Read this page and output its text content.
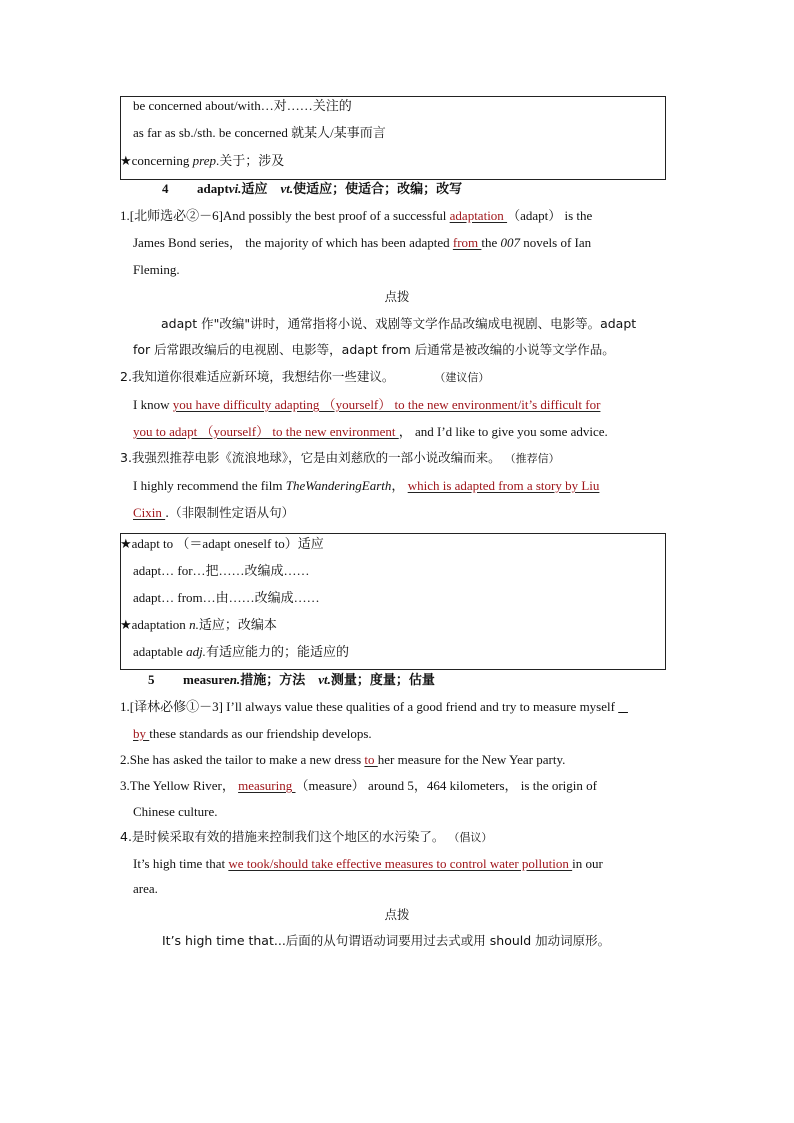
be concerned about/with…对……关注的
as far as sb./sth. be concerned 就某人/某事而言
★concerning prep.关于；涉及
4 adaptvi.适应　vt.使适应；使适合；改编；改写
1.[北师选必②－6]And possibly the best proof of a successful adaptation （adapt） is the
James Bond series， the majority of which has been adapted from the 007 novels of Ian
Fleming.
点拨
adapt 作"改编"讲时，通常指将小说、戏剧等文学作品改编成电视剧、电影等。adapt
for 后常跟改编后的电视剧、电影等，adapt from 后通常是被改编的小说等文学作品。
2.我知道你很难适应新环境，我想结你一些建议。	（建议信）
I know you have difficulty adapting （yourself） to the new environment/it’s difficult for
you to adapt （yourself） to the new environment ， and I’d like to give you some advice.
3.我强烈推荐电影《流浪地球》，它是由刘慈欣的一部小说改编而来。 （推荐信）
I highly recommend the film TheWanderingEarth， which is adapted from a story by Liu
Cixin .（非限制性定语从句）
★adapt to （＝adapt oneself to）适应
adapt… for…把……改编成……
adapt… from…由……改编成……
★adaptation n.适应；改编本
adaptable adj.有适应能力的；能适应的
5 measuren.措施；方法　vt.测量；度量；估量
1.[译林必修①－3] I’ll always value these qualities of a good friend and try to measure myself
by these standards as our friendship develops.
2.She has asked the tailor to make a new dress to her measure for the New Year party.
3.The Yellow River， measuring （measure） around 5，464 kilometers， is the origin of
Chinese culture.
4.是时候采取有效的措施来控制我们这个地区的水污染了。 （倡议）
It’s high time that we took/should take effective measures to control water pollution in our
area.
点拨
It’s high time that...后面的从句谓语动词要用过去式或用 should 加动词原形。
